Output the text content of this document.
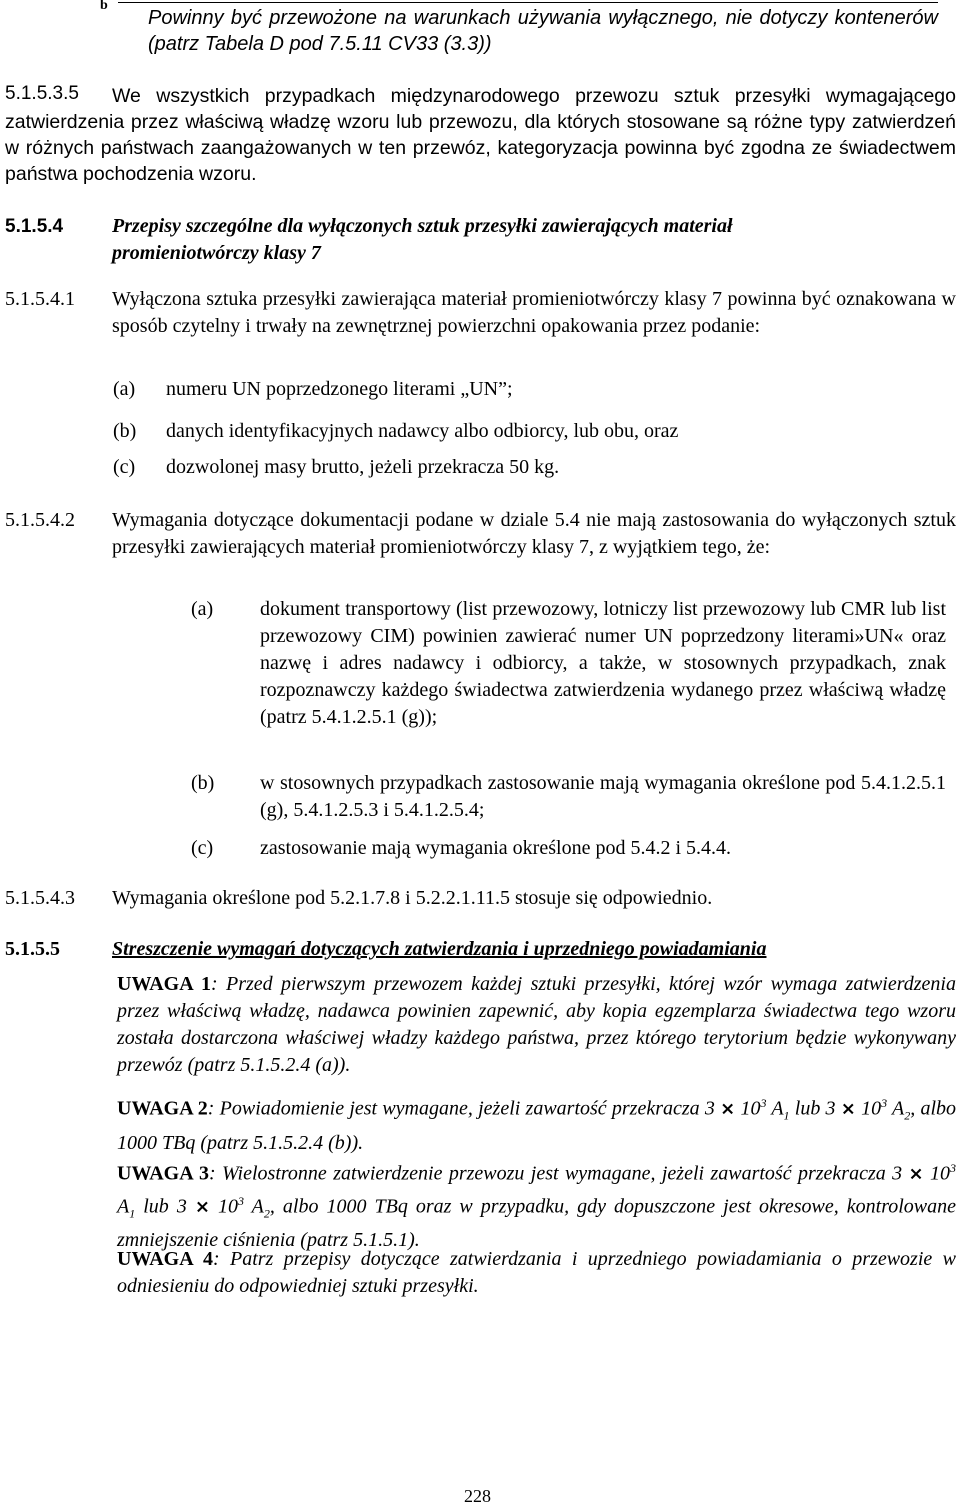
b
Powinny być przewożone na warunkach używania wyłącznego, nie dotyczy kontenerów (patrz Tabela D pod 7.5.11 CV33 (3.3))
5.1.5.3.5	We wszystkich przypadkach międzynarodowego przewozu sztuk przesyłki wymagającego zatwierdzenia przez właściwą władzę wzoru lub przewozu, dla których stosowane są różne typy zatwierdzeń w różnych państwach zaangażowanych w ten przewóz, kategoryzacja powinna być zgodna ze świadectwem państwa pochodzenia wzoru.
5.1.5.4 Przepisy szczególne dla wyłączonych sztuk przesyłki zawierających materiał promieniotwórczy klasy 7
5.1.5.4.1 Wyłączona sztuka przesyłki zawierająca materiał promieniotwórczy klasy 7 powinna być oznakowana w sposób czytelny i trwały na zewnętrznej powierzchni opakowania przez podanie:
(a) numeru UN poprzedzonego literami „UN”;
(b) danych identyfikacyjnych nadawcy albo odbiorcy, lub obu, oraz
(c) dozwolonej masy brutto, jeżeli przekracza 50 kg.
5.1.5.4.2 Wymagania dotyczące dokumentacji podane w dziale 5.4 nie mają zastosowania do wyłączonych sztuk przesyłki zawierających materiał promieniotwórczy klasy 7, z wyjątkiem tego, że:
(a) dokument transportowy (list przewozowy, lotniczy list przewozowy lub CMR lub list przewozowy CIM) powinien zawierać numer UN poprzedzony literami»UN« oraz nazwę i adres nadawcy i odbiorcy, a także, w stosownych przypadkach, znak rozpoznawczy każdego świadectwa zatwierdzenia wydanego przez właściwą władzę (patrz 5.4.1.2.5.1 (g));
(b) w stosownych przypadkach zastosowanie mają wymagania określone pod 5.4.1.2.5.1 (g), 5.4.1.2.5.3 i 5.4.1.2.5.4;
(c) zastosowanie mają wymagania określone pod 5.4.2 i 5.4.4.
5.1.5.4.3 Wymagania określone pod 5.2.1.7.8 i 5.2.2.1.11.5 stosuje się odpowiednio.
5.1.5.5	Streszczenie wymagań dotyczących zatwierdzania i uprzedniego powiadamiania
UWAGA 1: Przed pierwszym przewozem każdej sztuki przesyłki, której wzór wymaga zatwierdzenia przez właściwą władzę, nadawca powinien zapewnić, aby kopia egzemplarza świadectwa tego wzoru została dostarczona właściwej władzy każdego państwa, przez którego terytorium będzie wykonywany przewóz (patrz 5.1.5.2.4 (a)).
UWAGA 2: Powiadomienie jest wymagane, jeżeli zawartość przekracza $3 \times 10^3$ $A_1$ lub $3 \times 10^3$ $A_2$, albo 1000 TBq (patrz 5.1.5.2.4 (b)).
UWAGA 3: Wielostronne zatwierdzenie przewozu jest wymagane, jeżeli zawartość przekracza $3 \times 10^3$ $A_1$ lub $3 \times 10^3$ $A_2$, albo 1000 TBq oraz w przypadku, gdy dopuszczone jest okresowe, kontrolowane zmniejszenie ciśnienia (patrz 5.1.5.1).
UWAGA 4: Patrz przepisy dotyczące zatwierdzania i uprzedniego powiadamiania o przewozie w odniesieniu do odpowiedniej sztuki przesyłki.
228
